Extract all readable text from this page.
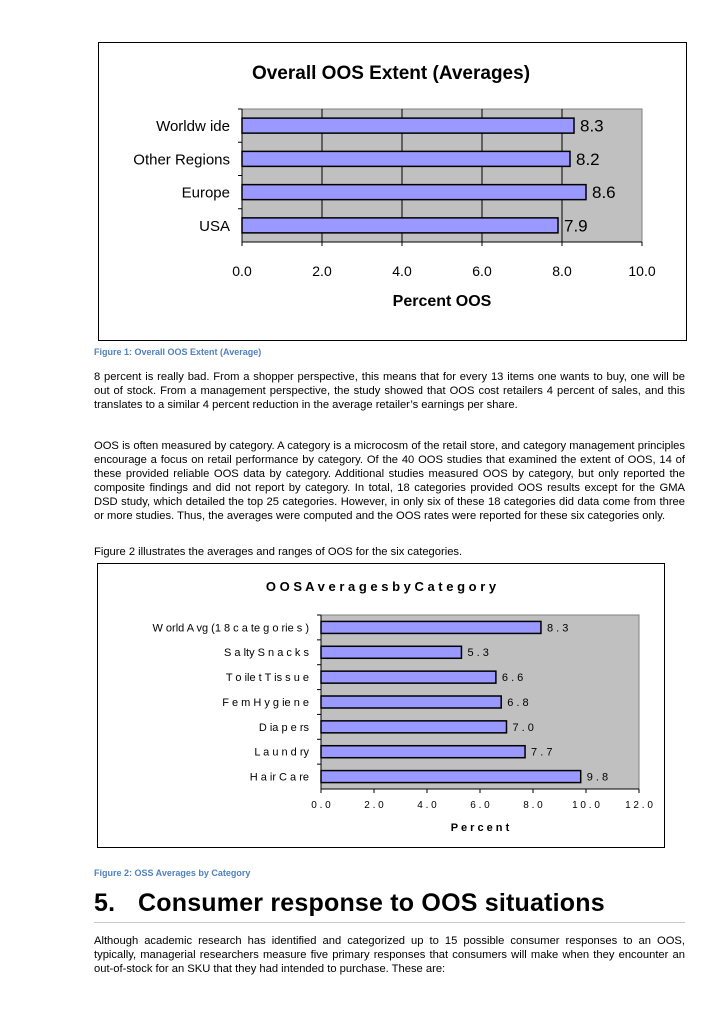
Overall OOS Extent (Averages)
0.0	2.0	4.0	6.0	8.0	10.0
Worldw ide	8.3
Other Regions	8.2
Europe	8.6
USA	7.9
Percent OOS
Figure 1: Overall OOS Extent (Average)

8 percent is really bad. From a shopper perspective, this means that for every 13 items one wants to buy, one will be out of stock. From a management perspective, the study showed that OOS cost retailers 4 percent of sales, and this translates to a similar 4 percent reduction in the average retailer’s earnings per share.

OOS is often measured by category. A category is a microcosm of the retail store, and category management principles encourage a focus on retail performance by category. Of the 40 OOS studies that examined the extent of OOS, 14 of these provided reliable OOS data by category. Additional studies measured OOS by category, but only reported the composite findings and did not report by category. In total, 18 categories provided OOS results except for the GMA DSD study, which detailed the top 25 categories. However, in only six of these 18 categories did data come from three or more studies. Thus, the averages were computed and the OOS rates were reported for these six categories only.

Figure 2 illustrates the averages and ranges of OOS for the six categories.

O O S A v e r a g e s b y C a t e g o r y
0 . 0	2 . 0	4 . 0	6 . 0	8 . 0	1 0 . 0	1 2 . 0
W orld A vg (1 8 c a te g o rie s )	8 . 3
S a lty S n a c k s	5 . 3
T o ile t T is s u e	6 . 6
F e m H y g ie n e	6 . 8
D ia p e rs	7 . 0
L a u n d ry	7 . 7
H a ir C a re	9 . 8
P e r c e n t
Figure 2: OSS Averages by Category
5. Consumer response to OOS situations

Although academic research has identified and categorized up to 15 possible consumer responses to an OOS, typically, managerial researchers measure five primary responses that consumers will make when they encounter an out-of-stock for an SKU that they had intended to purchase. These are:
